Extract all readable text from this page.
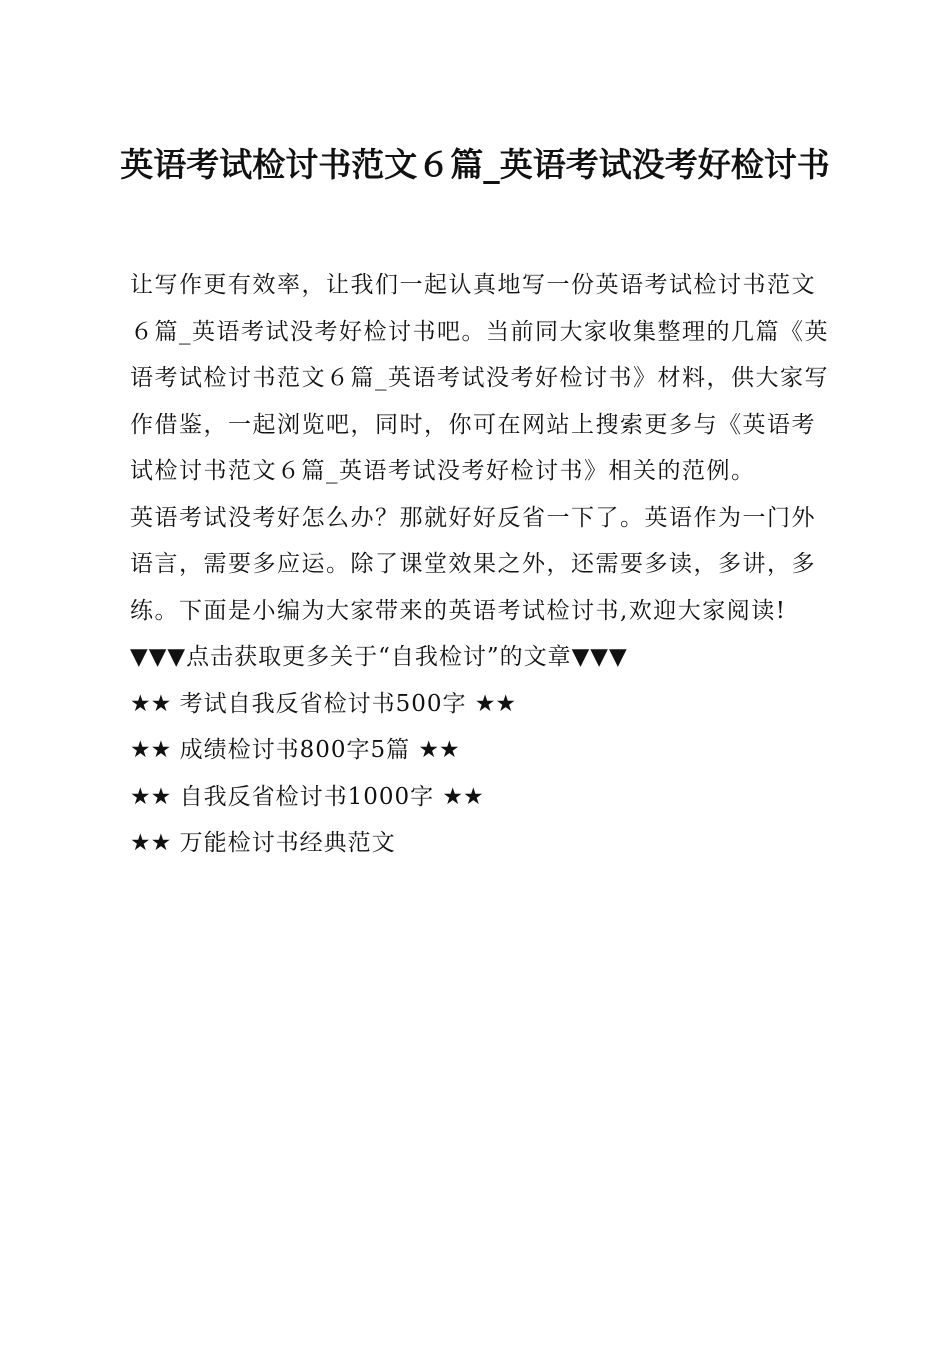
英语考试检讨书范文６篇_英语考试没考好检讨书

让写作更有效率，让我们一起认真地写一份英语考试检讨书范文６篇_英语考试没考好检讨书吧。当前同大家收集整理的几篇《英语考试检讨书范文６篇_英语考试没考好检讨书》材料，供大家写作借鉴，一起浏览吧，同时，你可在网站上搜索更多与《英语考试检讨书范文６篇_英语考试没考好检讨书》相关的范例。

英语考试没考好怎么办？那就好好反省一下了。英语作为一门外语言，需要多应运。除了课堂效果之外，还需要多读，多讲，多练。下面是小编为大家带来的英语考试检讨书,欢迎大家阅读!

▼▼▼点击获取更多关于“自我检讨”的文章▼▼▼

★★ 考试自我反省检讨书500字 ★★

★★ 成绩检讨书800字5篇 ★★

★★ 自我反省检讨书1000字 ★★

★★ 万能检讨书经典范文
